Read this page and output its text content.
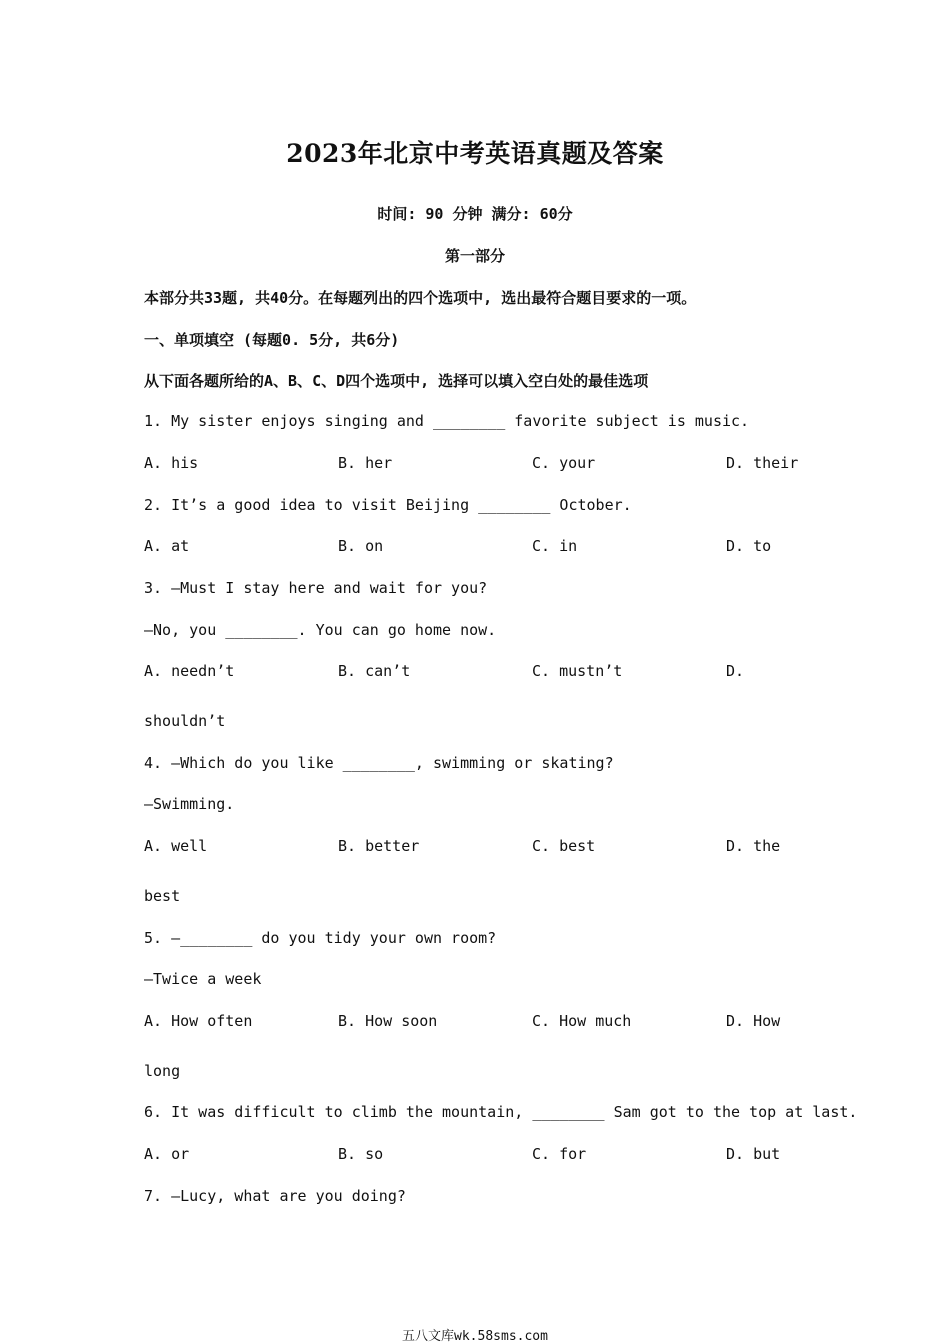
2023年北京中考英语真题及答案
时间: 90 分钟 满分: 60分
第一部分
本部分共33题, 共40分。在每题列出的四个选项中, 选出最符合题目要求的一项。
一、单项填空 (每题0. 5分, 共6分)
从下面各题所给的A、B、C、D四个选项中, 选择可以填入空白处的最佳选项
1. My sister enjoys singing and ________ favorite subject is music.
A. his	B. her	C. your	D. their
2. It’s a good idea to visit Beijing ________ October.
A. at	B. on	C. in	D. to
3. —Must I stay here and wait for you?
—No, you ________. You can go home now.
A. needn’t	B. can’t	C. mustn’t	D.
shouldn’t
4. —Which do you like ________, swimming or skating?
—Swimming.
A. well	B. better	C. best	D. the
best
5. —________ do you tidy your own room?
—Twice a week
A. How often	B. How soon	C. How much	D. How
long
6. It was difficult to climb the mountain, ________ Sam got to the top at last.
A. or	B. so	C. for	D. but
7. —Lucy, what are you doing?
五八文库wk.58sms.com
